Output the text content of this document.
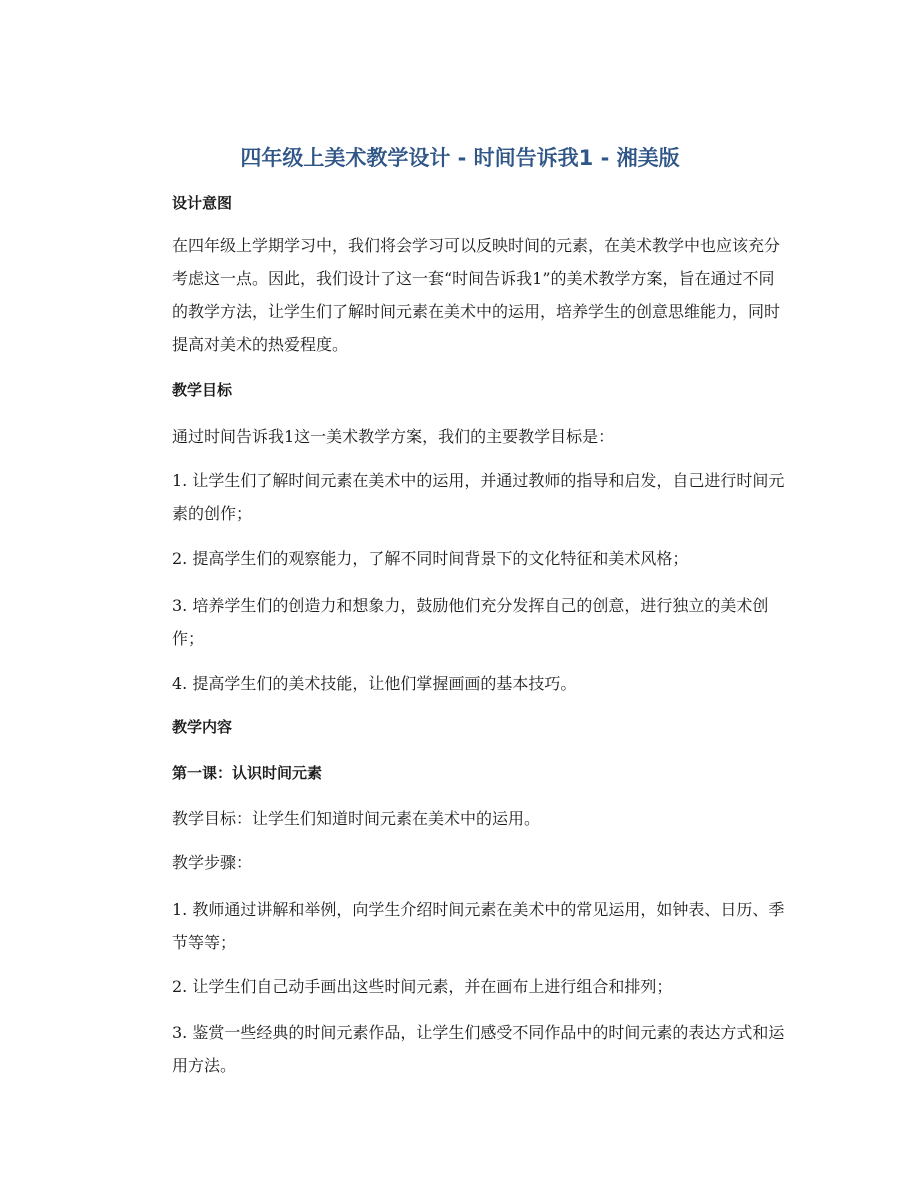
四年级上美术教学设计 - 时间告诉我1 - 湘美版

设计意图

在四年级上学期学习中，我们将会学习可以反映时间的元素，在美术教学中也应该充分考虑这一点。因此，我们设计了这一套“时间告诉我1”的美术教学方案，旨在通过不同的教学方法，让学生们了解时间元素在美术中的运用，培养学生的创意思维能力，同时提高对美术的热爱程度。

教学目标

通过时间告诉我1这一美术教学方案，我们的主要教学目标是：

1. 让学生们了解时间元素在美术中的运用，并通过教师的指导和启发，自己进行时间元素的创作；

2. 提高学生们的观察能力，了解不同时间背景下的文化特征和美术风格；

3. 培养学生们的创造力和想象力，鼓励他们充分发挥自己的创意，进行独立的美术创作；

4. 提高学生们的美术技能，让他们掌握画画的基本技巧。

教学内容

第一课：认识时间元素

教学目标：让学生们知道时间元素在美术中的运用。

教学步骤：

1. 教师通过讲解和举例，向学生介绍时间元素在美术中的常见运用，如钟表、日历、季节等等；

2. 让学生们自己动手画出这些时间元素，并在画布上进行组合和排列；

3. 鉴赏一些经典的时间元素作品，让学生们感受不同作品中的时间元素的表达方式和运用方法。
